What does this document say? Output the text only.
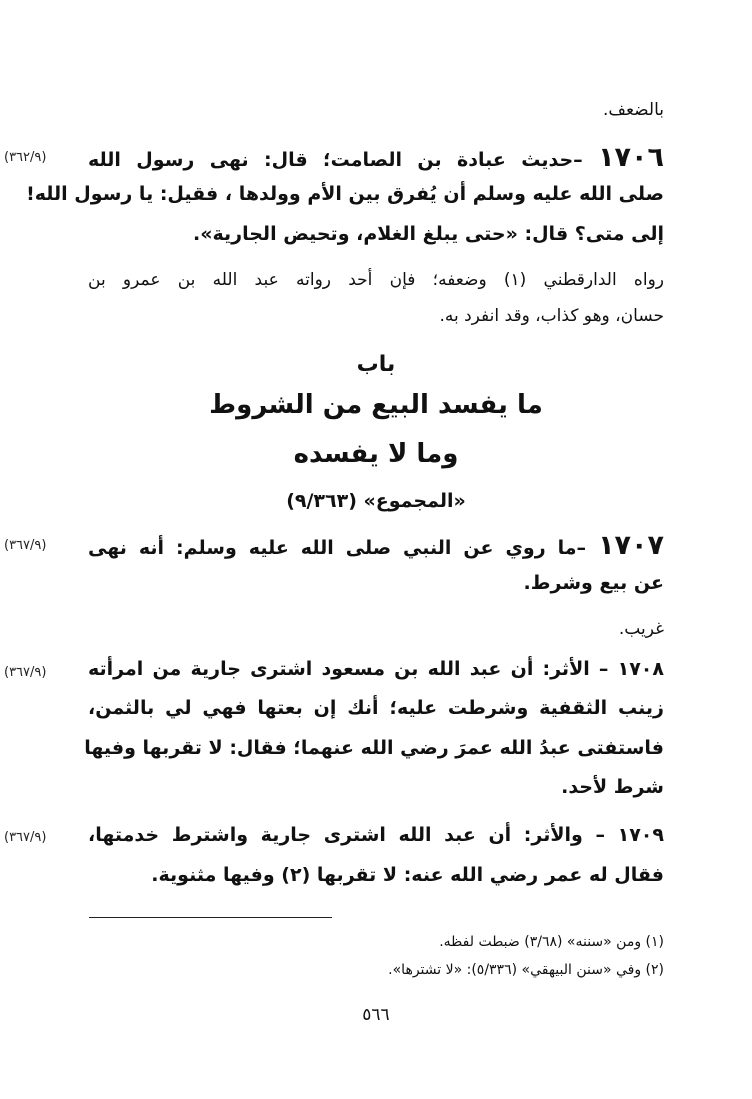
بالضعف.
(٣٦٢/٩)	١٧٠٦ –حديث عبادة بن الصامت؛ قال: نهى رسول الله
صلى الله عليه وسلم أن يُفرق بين الأم وولدها ، فقيل: يا رسول الله!
إلى متى؟ قال: «حتى يبلغ الغلام، وتحيض الجارية».
رواه الدارقطني (١) وضعفه؛ فإن أحد رواته عبد الله بن عمرو بن
حسان، وهو كذاب، وقد انفرد به.
باب
ما يفسد البيع من الشروط
وما لا يفسده
«المجموع» (٩/٣٦٣)
(٣٦٧/٩)	١٧٠٧ –ما روي عن النبي صلى الله عليه وسلم: أنه نهى
عن بيع وشرط.
غريب.
(٣٦٧/٩)	١٧٠٨ – الأثر: أن عبد الله بن مسعود اشترى جارية من امرأته
زينب الثقفية وشرطت عليه؛ أنك إن بعتها فهي لي بالثمن،
فاستفتى عبدُ الله عمرَ رضي الله عنهما؛ فقال: لا تقربها وفيها
شرط لأحد.
(٣٦٧/٩)	١٧٠٩ – والأثر: أن عبد الله اشترى جارية واشترط خدمتها،
فقال له عمر رضي الله عنه: لا تقربها (٢) وفيها مثنوية.
(١) ومن «سننه» (٣/٦٨) ضبطت لفظه.
(٢) وفي «سنن البيهقي» (٥/٣٣٦): «لا تشترها».
٥٦٦
